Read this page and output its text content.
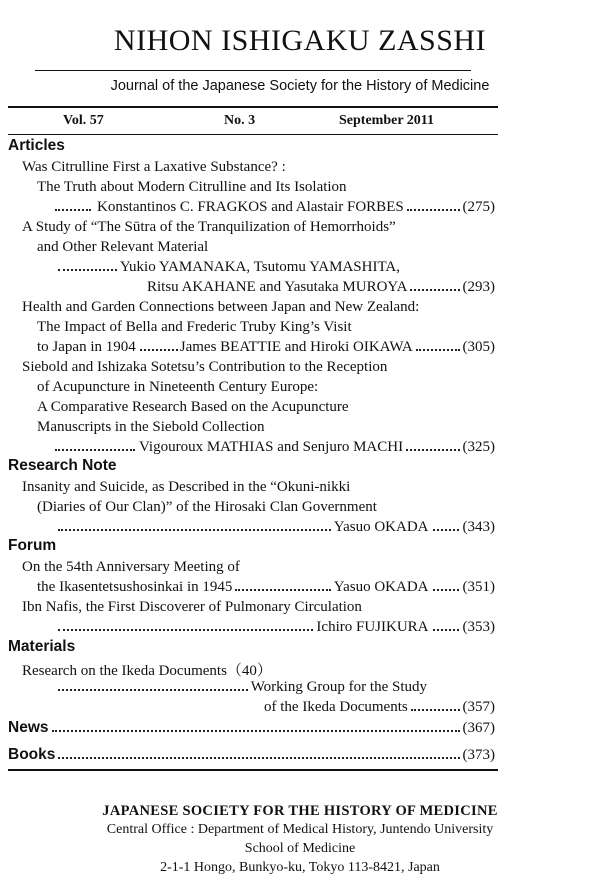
NIHON ISHIGAKU ZASSHI
Journal of the Japanese Society for the History of Medicine
Vol. 57	No. 3	September 2011
Articles
Was Citrulline First a Laxative Substance? :
The Truth about Modern Citrulline and Its Isolation
Konstantinos C. FRAGKOS and Alastair FORBES	(275)
A Study of “The Sūtra of the Tranquilization of Hemorrhoids”
and Other Relevant Material
Yukio YAMANAKA, Tsutomu YAMASHITA,
Ritsu AKAHANE and Yasutaka MUROYA	(293)
Health and Garden Connections between Japan and New Zealand:
The Impact of Bella and Frederic Truby King’s Visit
to Japan in 1904	James BEATTIE and Hiroki OIKAWA	(305)
Siebold and Ishizaka Sotetsu’s Contribution to the Reception
of Acupuncture in Nineteenth Century Europe:
A Comparative Research Based on the Acupuncture
Manuscripts in the Siebold Collection
Vigouroux MATHIAS and Senjuro MACHI	(325)
Research Note
Insanity and Suicide, as Described in the “Okuni-nikki
(Diaries of Our Clan)” of the Hirosaki Clan Government
Yasuo OKADA (343)
Forum
On the 54th Anniversary Meeting of
the Ikasentetsushosinkai in 1945	Yasuo OKADA (351)
Ibn Nafis, the First Discoverer of Pulmonary Circulation
Ichiro FUJIKURA (353)
Materials
Research on the Ikeda Documents（40）
Working Group for the Study
of the Ikeda Documents	(357)
News	(367)
Books	(373)
JAPANESE SOCIETY FOR THE HISTORY OF MEDICINE
Central Office : Department of Medical History, Juntendo University
School of Medicine
2-1-1 Hongo, Bunkyo-ku, Tokyo 113-8421, Japan
